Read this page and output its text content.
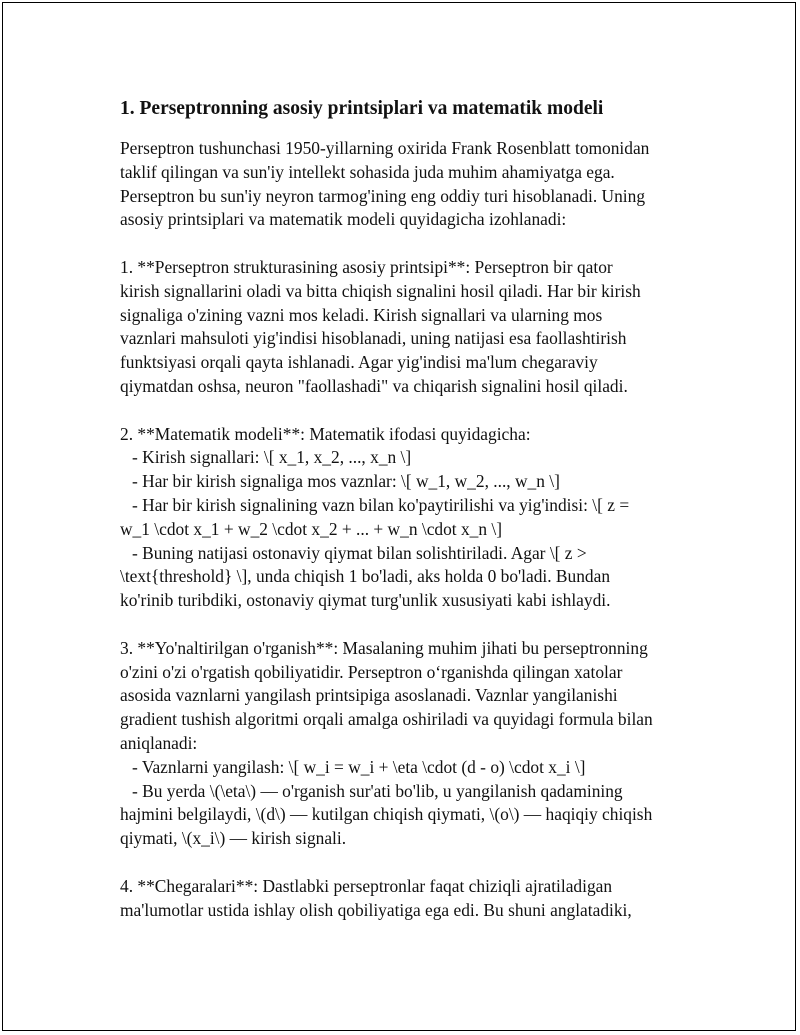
1. Perseptronning asosiy printsiplari va matematik modeli

Perseptron tushunchasi 1950-yillarning oxirida Frank Rosenblatt tomonidan
taklif qilingan va sun'iy intellekt sohasida juda muhim ahamiyatga ega.
Perseptron bu sun'iy neyron tarmog'ining eng oddiy turi hisoblanadi. Uning
asosiy printsiplari va matematik modeli quyidagicha izohlanadi:

1. **Perseptron strukturasining asosiy printsipi**: Perseptron bir qator
kirish signallarini oladi va bitta chiqish signalini hosil qiladi. Har bir kirish
signaliga o'zining vazni mos keladi. Kirish signallari va ularning mos
vaznlari mahsuloti yig'indisi hisoblanadi, uning natijasi esa faollashtirish
funktsiyasi orqali qayta ishlanadi. Agar yig'indisi ma'lum chegaraviy
qiymatdan oshsa, neuron "faollashadi" va chiqarish signalini hosil qiladi.

2. **Matematik modeli**: Matematik ifodasi quyidagicha:
- Kirish signallari: \[ x_1, x_2, ..., x_n \]
- Har bir kirish signaliga mos vaznlar: \[ w_1, w_2, ..., w_n \]
- Har bir kirish signalining vazn bilan ko'paytirilishi va yig'indisi: \[ z =
w_1 \cdot x_1 + w_2 \cdot x_2 + ... + w_n \cdot x_n \]
- Buning natijasi ostonaviy qiymat bilan solishtiriladi. Agar \[ z >
\text{threshold} \], unda chiqish 1 bo'ladi, aks holda 0 bo'ladi. Bundan
ko'rinib turibdiki, ostonaviy qiymat turg'unlik xususiyati kabi ishlaydi.

3. **Yo'naltirilgan o'rganish**: Masalaning muhim jihati bu perseptronning
o'zini o'zi o'rgatish qobiliyatidir. Perseptron o‘rganishda qilingan xatolar
asosida vaznlarni yangilash printsipiga asoslanadi. Vaznlar yangilanishi
gradient tushish algoritmi orqali amalga oshiriladi va quyidagi formula bilan
aniqlanadi:
- Vaznlarni yangilash: \[ w_i = w_i + \eta \cdot (d - o) \cdot x_i \]
- Bu yerda \(\eta\) — o'rganish sur'ati bo'lib, u yangilanish qadamining
hajmini belgilaydi, \(d\) — kutilgan chiqish qiymati, \(o\) — haqiqiy chiqish
qiymati, \(x_i\) — kirish signali.

4. **Chegaralari**: Dastlabki perseptronlar faqat chiziqli ajratiladigan
ma'lumotlar ustida ishlay olish qobiliyatiga ega edi. Bu shuni anglatadiki,
